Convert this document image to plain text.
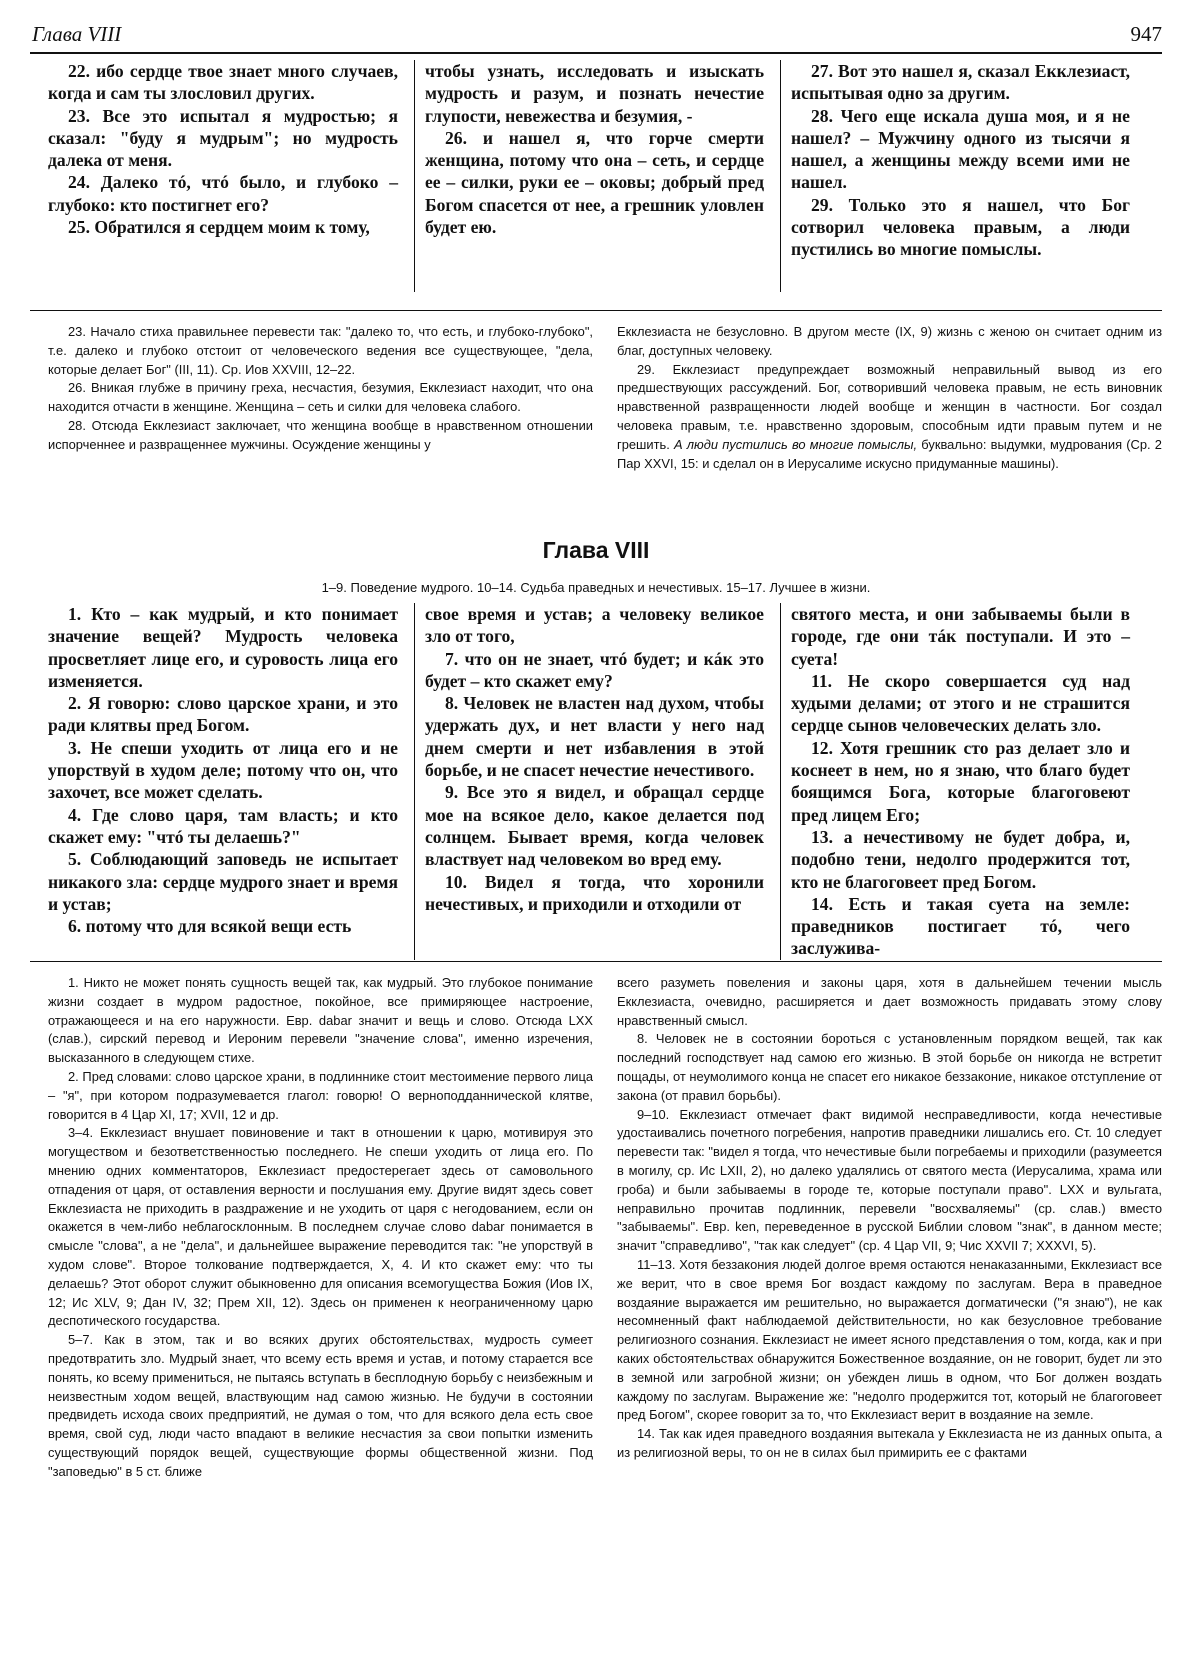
Глава VIII	947

22. ибо сердце твое знает много случаев, когда и сам ты злословил других.

23. Все это испытал я мудростью; я сказал: "буду я мудрым"; но мудрость далека от меня.

24. Далеко тó, чтó было, и глубоко – глубоко: кто постигнет его?

25. Обратился я сердцем моим к тому,

чтобы узнать, исследовать и изыскать мудрость и разум, и познать нечестие глупости, невежества и безумия, -

26. и нашел я, что горче смерти женщина, потому что она – сеть, и сердце ее – силки, руки ее – оковы; добрый пред Богом спасется от нее, а грешник уловлен будет ею.

27. Вот это нашел я, сказал Екклезиаст, испытывая одно за другим.

28. Чего еще искала душа моя, и я не нашел? – Мужчину одного из тысячи я нашел, а женщины между всеми ими не нашел.

29. Только это я нашел, что Бог сотворил человека правым, а люди пустились во многие помыслы.

23. Начало стиха правильнее перевести так: "далеко то, что есть, и глубоко-глубоко", т.е. далеко и глубоко отстоит от человеческого ведения все существующее, "дела, которые делает Бог" (III, 11). Ср. Иов XXVIII, 12–22.

26. Вникая глубже в причину греха, несчастия, безумия, Екклезиаст находит, что она находится отчасти в женщине. Женщина – сеть и силки для человека слабого.

28. Отсюда Екклезиаст заключает, что женщина вообще в нравственном отношении испорченнее и развращеннее мужчины. Осуждение женщины у

Екклезиаста не безусловно. В другом месте (IX, 9) жизнь с женою он считает одним из благ, доступных человеку.

29. Екклезиаст предупреждает возможный неправильный вывод из его предшествующих рассуждений. Бог, сотворивший человека правым, не есть виновник нравственной развращенности людей вообще и женщин в частности. Бог создал человека правым, т.е. нравственно здоровым, способным идти правым путем и не грешить. А люди пустились во многие помыслы, буквально: выдумки, мудрования (Ср. 2 Пар XXVI, 15: и сделал он в Иерусалиме искусно придуманные машины).

Глава VIII
1–9. Поведение мудрого. 10–14. Судьба праведных и нечестивых. 15–17. Лучшее в жизни.

1. Кто – как мудрый, и кто понимает значение вещей? Мудрость человека просветляет лице его, и суровость лица его изменяется.

2. Я говорю: слово царское храни, и это ради клятвы пред Богом.

3. Не спеши уходить от лица его и не упорствуй в худом деле; потому что он, что захочет, все может сделать.

4. Где слово царя, там власть; и кто скажет ему: "чтó ты делаешь?"

5. Соблюдающий заповедь не испытает никакого зла: сердце мудрого знает и время и устав;

6. потому что для всякой вещи есть

свое время и устав; а человеку великое зло от того,

7. что он не знает, чтó будет; и кáк это будет – кто скажет ему?

8. Человек не властен над духом, чтобы удержать дух, и нет власти у него над днем смерти и нет избавления в этой борьбе, и не спасет нечестие нечестивого.

9. Все это я видел, и обращал сердце мое на всякое дело, какое делается под солнцем. Бывает время, когда человек властвует над человеком во вред ему.

10. Видел я тогда, что хоронили нечестивых, и приходили и отходили от

святого места, и они забываемы были в городе, где они тáк поступали. И это – суета!

11. Не скоро совершается суд над худыми делами; от этого и не страшится сердце сынов человеческих делать зло.

12. Хотя грешник сто раз делает зло и коснеет в нем, но я знаю, что благо будет боящимся Бога, которые благоговеют пред лицем Его;

13. а нечестивому не будет добра, и, подобно тени, недолго продержится тот, кто не благоговеет пред Богом.

14. Есть и такая суета на земле: праведников постигает тó, чего заслужива-

1. Никто не может понять сущность вещей так, как мудрый. Это глубокое понимание жизни создает в мудром радостное, покойное, все примиряющее настроение, отражающееся и на его наружности. Евр. dabar значит и вещь и слово. Отсюда LXX (слав.), сирский перевод и Иероним перевели "значение слова", именно изречения, высказанного в следующем стихе.

2. Пред словами: слово царское храни, в подлиннике стоит местоимение первого лица – "я", при котором подразумевается глагол: говорю! О верноподданнической клятве, говорится в 4 Цар XI, 17; XVII, 12 и др.

3–4. Екклезиаст внушает повиновение и такт в отношении к царю, мотивируя это могуществом и безответственностью последнего. Не спеши уходить от лица его. По мнению одних комментаторов, Екклезиаст предостерегает здесь от самовольного отпадения от царя, от оставления верности и послушания ему. Другие видят здесь совет Екклезиаста не приходить в раздражение и не уходить от царя с негодованием, если он окажется в чем-либо неблагосклонным. В последнем случае слово dabar понимается в смысле "слова", а не "дела", и дальнейшее выражение переводится так: "не упорствуй в худом слове". Второе толкование подтверждается, X, 4. И кто скажет ему: что ты делаешь? Этот оборот служит обыкновенно для описания всемогущества Божия (Иов IX, 12; Ис XLV, 9; Дан IV, 32; Прем XII, 12). Здесь он применен к неограниченному царю деспотического государства.

5–7. Как в этом, так и во всяких других обстоятельствах, мудрость сумеет предотвратить зло. Мудрый знает, что всему есть время и устав, и потому старается все понять, ко всему примениться, не пытаясь вступать в бесплодную борьбу с неизбежным и неизвестным ходом вещей, властвующим над самою жизнью. Не будучи в состоянии предвидеть исхода своих предприятий, не думая о том, что для всякого дела есть свое время, свой суд, люди часто впадают в великие несчастия за свои попытки изменить существующий порядок вещей, существующие формы общественной жизни. Под "заповедью" в 5 ст. ближе

всего разуметь повеления и законы царя, хотя в дальнейшем течении мысль Екклезиаста, очевидно, расширяется и дает возможность придавать этому слову нравственный смысл.

8. Человек не в состоянии бороться с установленным порядком вещей, так как последний господствует над самою его жизнью. В этой борьбе он никогда не встретит пощады, от неумолимого конца не спасет его никакое беззаконие, никакое отступление от закона (от правил борьбы).

9–10. Екклезиаст отмечает факт видимой несправедливости, когда нечестивые удостаивались почетного погребения, напротив праведники лишались его. Ст. 10 следует перевести так: "видел я тогда, что нечестивые были погребаемы и приходили (разумеется в могилу, ср. Ис LXII, 2), но далеко удалялись от святого места (Иерусалима, храма или гроба) и были забываемы в городе те, которые поступали право". LXX и вульгата, неправильно прочитав подлинник, перевели "восхваляемы" (ср. слав.) вместо "забываемы". Евр. ken, переведенное в русской Библии словом "знак", в данном месте; значит "справедливо", "так как следует" (ср. 4 Цар VII, 9; Чис XXVII 7; XXXVI, 5).

11–13. Хотя беззакония людей долгое время остаются ненаказанными, Екклезиаст все же верит, что в свое время Бог воздаст каждому по заслугам. Вера в праведное воздаяние выражается им решительно, но выражается догматически ("я знаю"), не как несомненный факт наблюдаемой действительности, но как безусловное требование религиозного сознания. Екклезиаст не имеет ясного представления о том, когда, как и при каких обстоятельствах обнаружится Божественное воздаяние, он не говорит, будет ли это в земной или загробной жизни; он убежден лишь в одном, что Бог должен воздать каждому по заслугам. Выражение же: "недолго продержится тот, который не благоговеет пред Богом", скорее говорит за то, что Екклезиаст верит в воздаяние на земле.

14. Так как идея праведного воздаяния вытекала у Екклезиаста не из данных опыта, а из религиозной веры, то он не в силах был примирить ее с фактами
